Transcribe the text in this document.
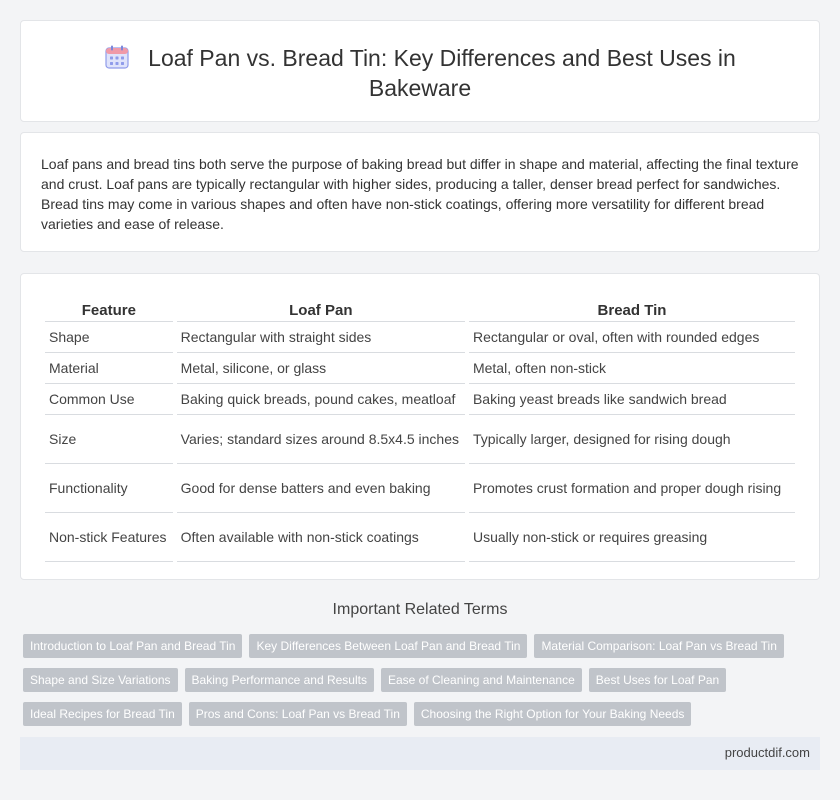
Loaf Pan vs. Bread Tin: Key Differences and Best Uses in Bakeware

Loaf pans and bread tins both serve the purpose of baking bread but differ in shape and material, affecting the final texture and crust. Loaf pans are typically rectangular with higher sides, producing a taller, denser bread perfect for sandwiches. Bread tins may come in various shapes and often have non-stick coatings, offering more versatility for different bread varieties and ease of release.

Feature	Loaf Pan	Bread Tin
Shape	Rectangular with straight sides	Rectangular or oval, often with rounded edges
Material	Metal, silicone, or glass	Metal, often non-stick
Common Use	Baking quick breads, pound cakes, meatloaf	Baking yeast breads like sandwich bread
Size	Varies; standard sizes around 8.5x4.5 inches	Typically larger, designed for rising dough
Functionality	Good for dense batters and even baking	Promotes crust formation and proper dough rising
Non-stick Features	Often available with non-stick coatings	Usually non-stick or requires greasing
Important Related Terms
Introduction to Loaf Pan and Bread Tin Key Differences Between Loaf Pan and Bread Tin Material Comparison: Loaf Pan vs Bread TinShape and Size Variations Baking Performance and Results Ease of Cleaning and Maintenance Best Uses for Loaf PanIdeal Recipes for Bread Tin Pros and Cons: Loaf Pan vs Bread Tin Choosing the Right Option for Your Baking Needs
productdif.com
